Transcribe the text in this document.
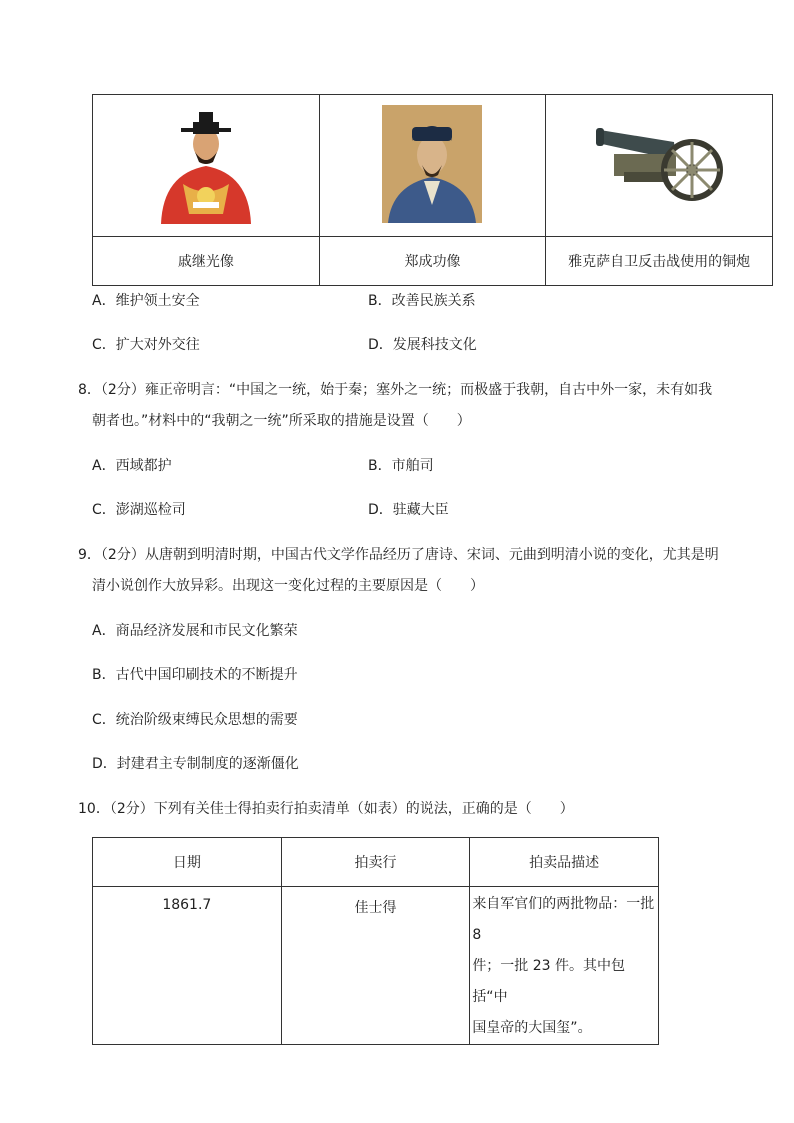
戚继光像	郑成功像	雅克萨自卫反击战使用的铜炮
A．维护领土安全	B．改善民族关系
C．扩大对外交往	D．发展科技文化
8．（2分）雍正帝明言：“中国之一统，始于秦；塞外之一统；而极盛于我朝，自古中外一家，未有如我
朝者也。”材料中的“我朝之一统”所采取的措施是设置（　　）
A．西域都护	B．市舶司
C．澎湖巡检司	D．驻藏大臣
9．（2分）从唐朝到明清时期，中国古代文学作品经历了唐诗、宋词、元曲到明清小说的变化，尤其是明
清小说创作大放异彩。出现这一变化过程的主要原因是（　　）
A．商品经济发展和市民文化繁荣
B．古代中国印刷技术的不断提升
C．统治阶级束缚民众思想的需要
D．封建君主专制制度的逐渐僵化
10．（2分）下列有关佳士得拍卖行拍卖清单（如表）的说法，正确的是（　　）
日期	拍卖行	拍卖品描述
1861.7	佳士得	来自军官们的两批物品：一批 8
件；一批 23 件。其中包括“中
国皇帝的大国玺”。
